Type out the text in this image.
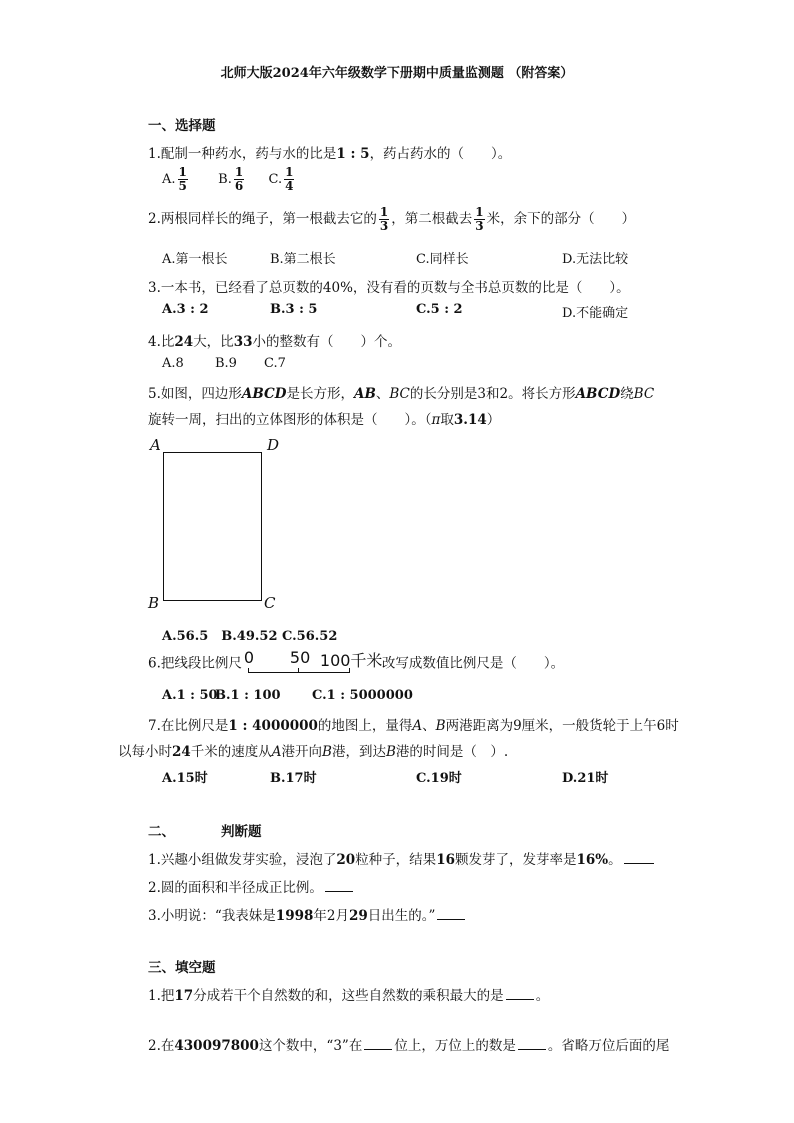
北师大版2024年六年级数学下册期中质量监测题 （附答案）
一、选择题
1.配制一种药水，药与水的比是1 : 5，药占药水的（　　）。
A. $\frac{1}{5} B$. $\frac{1}{6} C$. $\frac{1}{4}$
2.两根同样长的绳子，第一根截去它的 $\frac{1}{3}$ ，第二根截去 $\frac{1}{3}$ 米，余下的部分（　　）
A.第一根长	B.第二根长	C.同样长	D.无法比较
3.一本书，已经看了总页数的40%，没有看的页数与全书总页数的比是（　　）。
A.3 : 2	B.3 : 5	C.5 : 2	D.不能确定
4.比24大，比33小的整数有（　　）个。
A.8 B.9 C.7
5.如图，四边形ABCD是长方形，AB、BC的长分别是3和2。将长方形ABCD绕BC
旋转一周，扫出的立体图形的体积是（　　）。（π取3.14）
A	D
B	C
A.56.5　B.49.52 C.56.52
6.把线段比例尺 0 50 100千米 改写成数值比例尺是（　　）。
A.1 : 50
B.1 : 100 C.1 : 5000000
7.在比例尺是1 : 4000000的地图上，量得A、B两港距离为9厘米，一般货轮于上午6时
以每小时24千米的速度从A港开向B港，到达B港的时间是（　）.
A.15时	B.17时	C.19时	D.21时
二、	判断题
1.兴趣小组做发芽实验，浸泡了20粒种子，结果16颗发芽了，发芽率是16%。
2.圆的面积和半径成正比例。
3.小明说：“我表妹是1998年2月29日出生的。”
三、填空题
1.把17分成若干个自然数的和，这些自然数的乘积最大的是 。
2.在430097800这个数中，“3”在 位上，万位上的数是 。省略万位后面的尾
